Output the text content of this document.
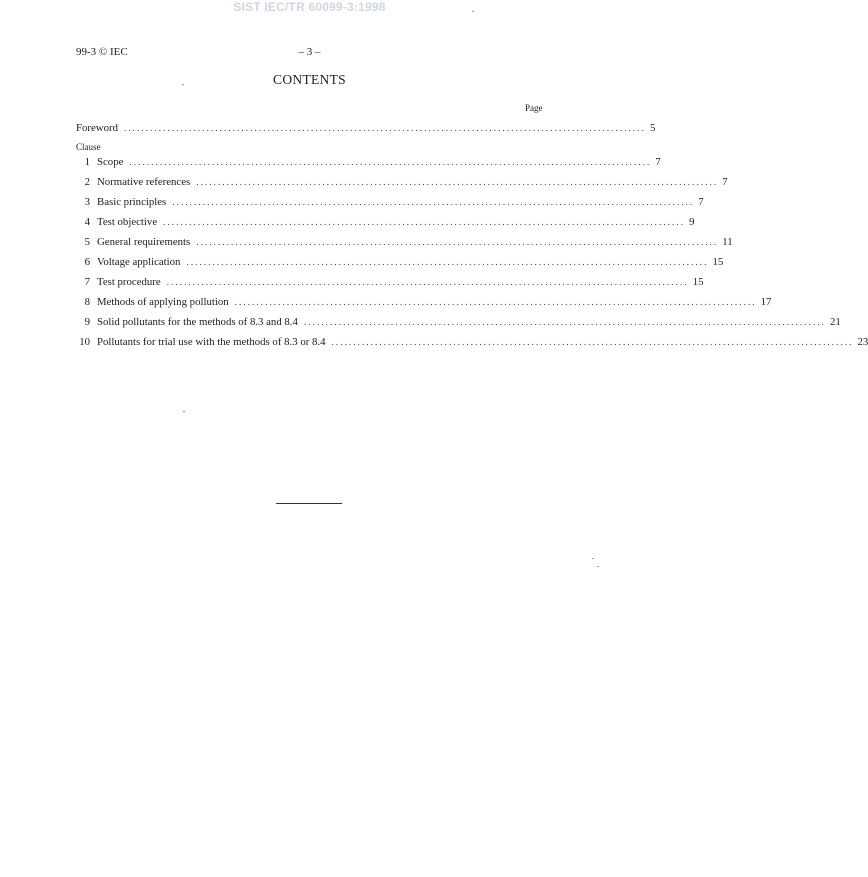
SIST IEC/TR 60099-3:1998
99-3 © IEC	– 3 –
CONTENTS
Page
Clause
Foreword ........................................................................................................................ 5
1 Scope ........................................................................................................................ 7
2 Normative references ........................................................................................................................ 7
3 Basic principles ........................................................................................................................ 7
4 Test objective ........................................................................................................................ 9
5 General requirements ........................................................................................................................ 11
6 Voltage application ........................................................................................................................ 15
7 Test procedure ........................................................................................................................ 15
8 Methods of applying pollution ........................................................................................................................ 17
9 Solid pollutants for the methods of 8.3 and 8.4 ........................................................................................................................ 21
10 Pollutants for trial use with the methods of 8.3 or 8.4 ........................................................................................................................ 23
